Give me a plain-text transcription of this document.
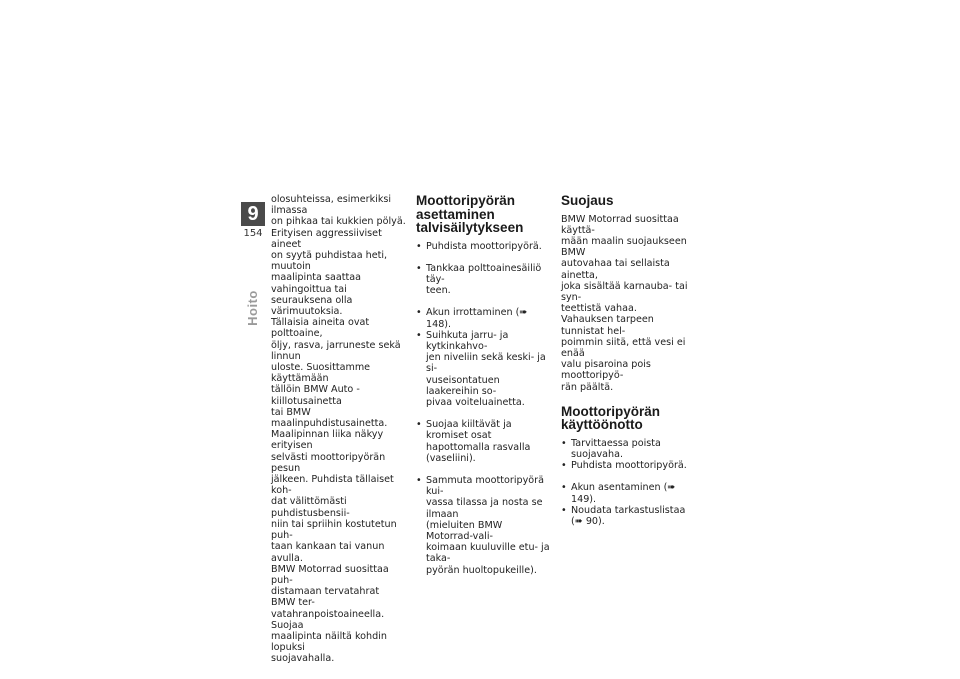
9
154
Hoito

olosuhteissa, esimerkiksi ilmassa
on pihkaa tai kukkien pölyä.
Erityisen aggressiiviset aineet
on syytä puhdistaa heti, muutoin
maalipinta saattaa vahingoittua tai
seurauksena olla värimuutoksia.
Tällaisia aineita ovat polttoaine,
öljy, rasva, jarruneste sekä linnun
uloste. Suosittamme käyttämään
tällöin BMW Auto -kiillotusainetta
tai BMW maalinpuhdistusainetta.
Maalipinnan liika näkyy erityisen
selvästi moottoripyörän pesun
jälkeen. Puhdista tällaiset koh-
dat välittömästi puhdistusbensii-
niin tai spriihin kostutetun puh-
taan kankaan tai vanun avulla.
BMW Motorrad suosittaa puh-
distamaan tervatahrat BMW ter-
vatahranpoistoaineella. Suojaa
maalipinta näiltä kohdin lopuksi
suojavahalla.

Moottoripyörän
asettaminen
talvisäilytykseen
• Puhdista moottoripyörä.
• Tankkaa polttoainesäiliö täy-
teen.
• Akun irrottaminen (➠ 148).
• Suihkuta jarru- ja kytkinkahvo-
jen niveliin sekä keski- ja si-
vuseisontatuen laakereihin so-
pivaa voiteluainetta.
• Suojaa kiiltävät ja kromiset osat
hapottomalla rasvalla (vaseliini).
• Sammuta moottoripyörä kui-
vassa tilassa ja nosta se ilmaan
(mieluiten BMW Motorrad-vali-
koimaan kuuluville etu- ja taka-
pyörän huoltopukeille).
Suojaus

BMW Motorrad suosittaa käyttä-
mään maalin suojaukseen BMW
autovahaa tai sellaista ainetta,
joka sisältää karnauba- tai syn-
teettistä vahaa.

Vahauksen tarpeen tunnistat hel-
poimmin siitä, että vesi ei enää
valu pisaroina pois moottoripyö-
rän päältä.

Moottoripyörän
käyttöönotto
• Tarvittaessa poista suojavaha.
• Puhdista moottoripyörä.
• Akun asentaminen (➠ 149).
• Noudata tarkastuslistaa (➠ 90).
